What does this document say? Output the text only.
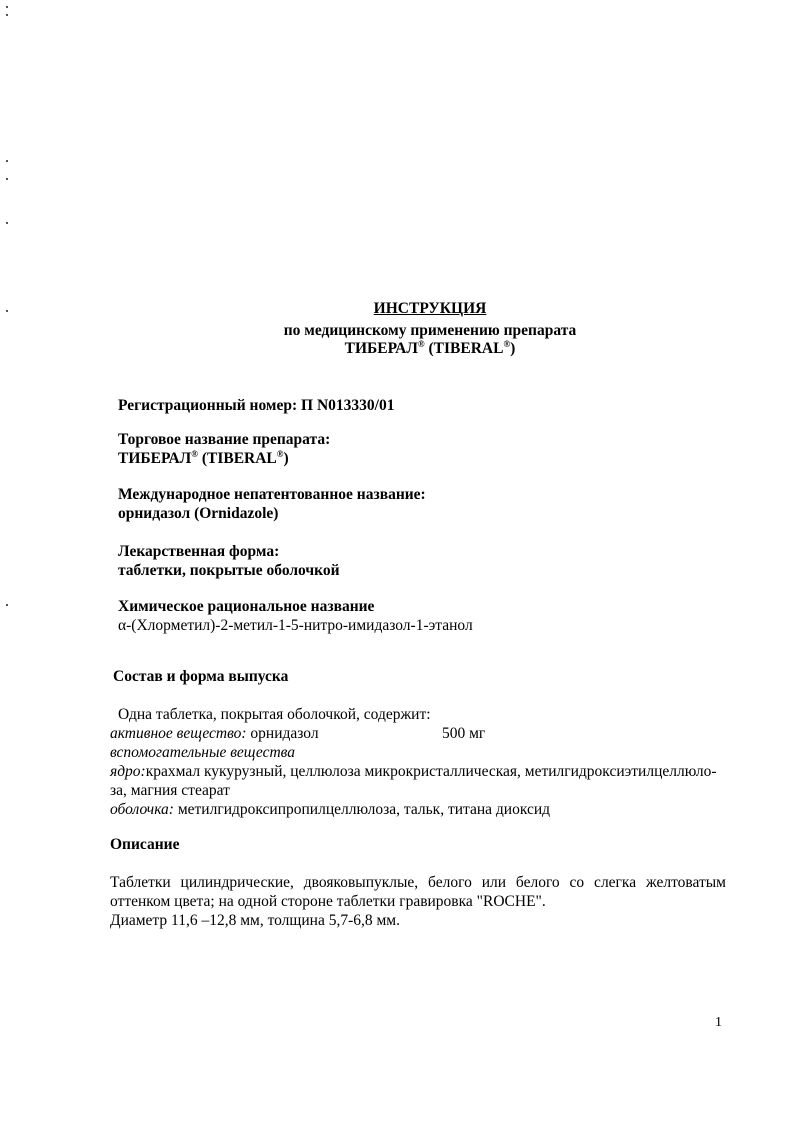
ИНСТРУКЦИЯ
по медицинскому применению препарата
ТИБЕРАЛ® (TIBERAL®)
Регистрационный номер: П N013330/01
Торговое название препарата:
ТИБЕРАЛ® (TIBERAL®)
Международное непатентованное название:
орнидазол (Ornidazole)
Лекарственная форма:
таблетки, покрытые оболочкой
Химическое рациональное название
α-(Хлорметил)-2-метил-1-5-нитро-имидазол-1-этанол
Состав и форма выпуска
Одна таблетка, покрытая оболочкой, содержит:
активное вещество: орнидазол	500 мг
вспомогательные вещества
ядро:крахмал кукурузный, целлюлоза микрокристаллическая, метилгидроксиэтилцеллюло-
за, магния стеарат
оболочка: метилгидроксипропилцеллюлоза, тальк, титана диоксид
Описание
Таблетки цилиндрические, двояковыпуклые, белого или белого со слегка желтоватым оттенком цвета; на одной стороне таблетки гравировка "ROCHE".
Диаметр 11,6 –12,8 мм, толщина 5,7-6,8 мм.
1
